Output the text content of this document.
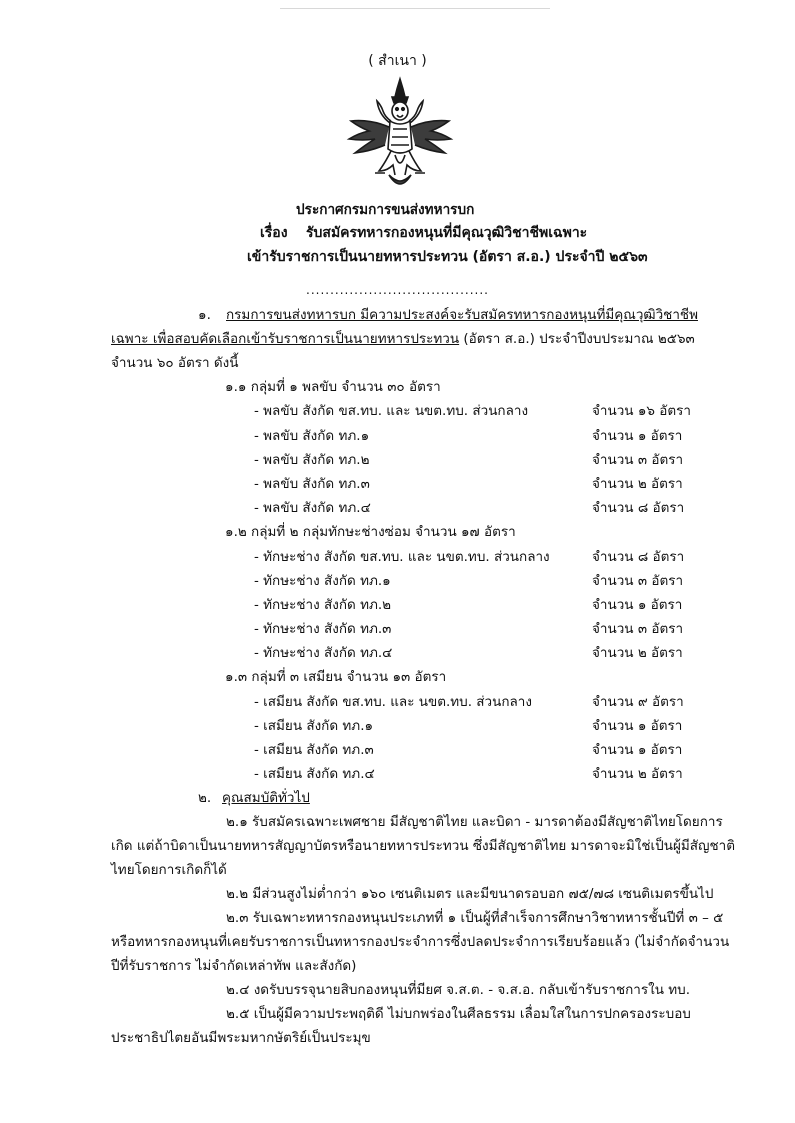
( สำเนา )
ประกาศกรมการขนส่งทหารบก
เรื่อง รับสมัครทหารกองหนุนที่มีคุณวุฒิวิชาชีพเฉพาะ
เข้ารับราชการเป็นนายทหารประทวน (อัตรา ส.อ.) ประจำปี ๒๕๖๓
......................................
๑. กรมการขนส่งทหารบก มีความประสงค์จะรับสมัครทหารกองหนุนที่มีคุณวุฒิวิชาชีพ
เฉพาะ เพื่อสอบคัดเลือกเข้ารับราชการเป็นนายทหารประทวน (อัตรา ส.อ.) ประจำปีงบประมาณ ๒๕๖๓
จำนวน ๖๐ อัตรา ดังนี้
๑.๑ กลุ่มที่ ๑ พลขับ จำนวน ๓๐ อัตรา
- พลขับ สังกัด ขส.ทบ. และ นขต.ทบ. ส่วนกลาง	จำนวน ๑๖ อัตรา
- พลขับ สังกัด ทภ.๑	จำนวน ๑ อัตรา
- พลขับ สังกัด ทภ.๒	จำนวน ๓ อัตรา
- พลขับ สังกัด ทภ.๓	จำนวน ๒ อัตรา
- พลขับ สังกัด ทภ.๔	จำนวน ๘ อัตรา
๑.๒ กลุ่มที่ ๒ กลุ่มทักษะช่างซ่อม จำนวน ๑๗ อัตรา
- ทักษะช่าง สังกัด ขส.ทบ. และ นขต.ทบ. ส่วนกลาง	จำนวน ๘ อัตรา
- ทักษะช่าง สังกัด ทภ.๑	จำนวน ๓ อัตรา
- ทักษะช่าง สังกัด ทภ.๒	จำนวน ๑ อัตรา
- ทักษะช่าง สังกัด ทภ.๓	จำนวน ๓ อัตรา
- ทักษะช่าง สังกัด ทภ.๔	จำนวน ๒ อัตรา
๑.๓ กลุ่มที่ ๓ เสมียน จำนวน ๑๓ อัตรา
- เสมียน สังกัด ขส.ทบ. และ นขต.ทบ. ส่วนกลาง	จำนวน ๙ อัตรา
- เสมียน สังกัด ทภ.๑	จำนวน ๑ อัตรา
- เสมียน สังกัด ทภ.๓	จำนวน ๑ อัตรา
- เสมียน สังกัด ทภ.๔	จำนวน ๒ อัตรา
๒. คุณสมบัติทั่วไป
๒.๑ รับสมัครเฉพาะเพศชาย มีสัญชาติไทย และบิดา - มารดาต้องมีสัญชาติไทยโดยการ
เกิด แต่ถ้าบิดาเป็นนายทหารสัญญาบัตรหรือนายทหารประทวน ซึ่งมีสัญชาติไทย มารดาจะมิใช่เป็นผู้มีสัญชาติ
ไทยโดยการเกิดก็ได้
๒.๒ มีส่วนสูงไม่ต่ำกว่า ๑๖๐ เซนติเมตร และมีขนาดรอบอก ๗๕/๗๘ เซนติเมตรขึ้นไป
๒.๓ รับเฉพาะทหารกองหนุนประเภทที่ ๑ เป็นผู้ที่สำเร็จการศึกษาวิชาทหารชั้นปีที่ ๓ – ๕
หรือทหารกองหนุนที่เคยรับราชการเป็นทหารกองประจำการซึ่งปลดประจำการเรียบร้อยแล้ว (ไม่จำกัดจำนวน
ปีที่รับราชการ ไม่จำกัดเหล่าทัพ และสังกัด)
๒.๔ งดรับบรรจุนายสิบกองหนุนที่มียศ จ.ส.ต. - จ.ส.อ. กลับเข้ารับราชการใน ทบ.
๒.๕ เป็นผู้มีความประพฤติดี ไม่บกพร่องในศีลธรรม เลื่อมใสในการปกครองระบอบ
ประชาธิปไตยอันมีพระมหากษัตริย์เป็นประมุข
